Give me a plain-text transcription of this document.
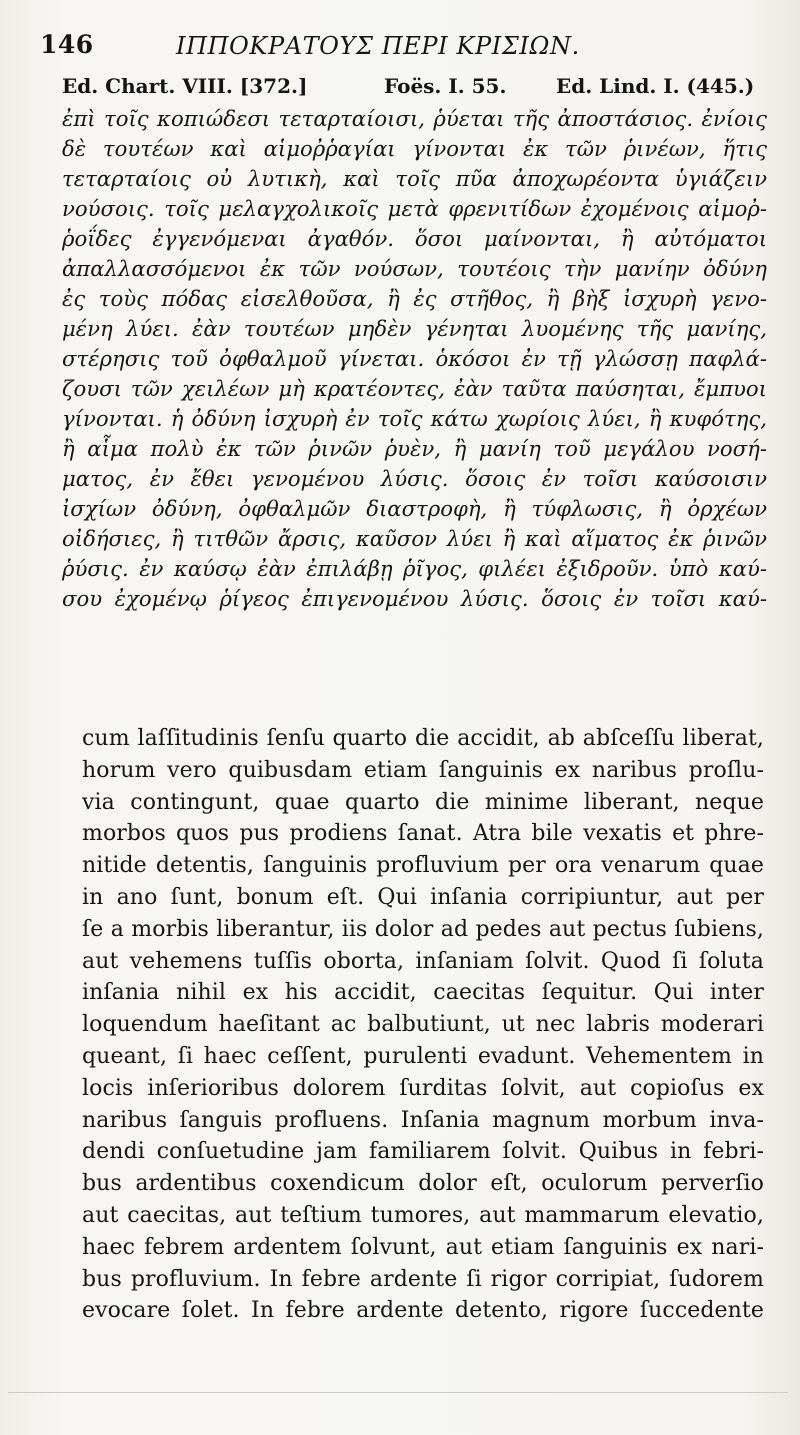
146	ΙΠΠΟΚΡΑΤΟΥΣ ΠΕΡΙ ΚΡΙΣΙΩΝ.
Ed. Chart. VIII. [372.]	Foës. I. 55. Ed. Lind. I. (445.)
ἐπὶ τοῖς κοπιώδεσι τεταρταίοισι, ῥύεται τῆς ἀποστάσιος. ἐνίοις
δὲ τουτέων καὶ αἱμοῤῥαγίαι γίνονται ἐκ τῶν ῥινέων, ἥτις
τεταρταίοις οὐ λυτικὴ, καὶ τοῖς πῦα ἀποχωρέοντα ὑγιάζειν
νούσοις. τοῖς μελαγχολικοῖς μετὰ φρενιτίδων ἐχομένοις αἱμοῤ-
ῥοΐδες ἐγγενόμεναι ἀγαθόν. ὅσοι μαίνονται, ἢ αὐτόματοι
ἀπαλλασσόμενοι ἐκ τῶν νούσων, τουτέοις τὴν μανίην ὀδύνη
ἐς τοὺς πόδας εἰσελθοῦσα, ἢ ἐς στῆθος, ἢ βὴξ ἰσχυρὴ γενο-
μένη λύει. ἐὰν τουτέων μηδὲν γένηται λυομένης τῆς μανίης,
στέρησις τοῦ ὀφθαλμοῦ γίνεται. ὁκόσοι ἐν τῇ γλώσσῃ παφλά-
ζουσι τῶν χειλέων μὴ κρατέοντες, ἐὰν ταῦτα παύσηται, ἔμπυοι
γίνονται. ἡ ὀδύνη ἰσχυρὴ ἐν τοῖς κάτω χωρίοις λύει, ἢ κυφότης,
ἢ αἷμα πολὺ ἐκ τῶν ῥινῶν ῥυὲν, ἢ μανίη τοῦ μεγάλου νοσή-
ματος, ἐν ἔθει γενομένου λύσις. ὅσοις ἐν τοῖσι καύσοισιν
ἰσχίων ὀδύνη, ὀφθαλμῶν διαστροφὴ, ἢ τύφλωσις, ἢ ὀρχέων
οἰδήσιες, ἢ τιτθῶν ἄρσις, καῦσον λύει ἢ καὶ αἵματος ἐκ ῥινῶν
ῥύσις. ἐν καύσῳ ἐὰν ἐπιλάβῃ ῥῖγος, φιλέει ἐξιδροῦν. ὑπὸ καύ-
σου ἐχομένῳ ῥίγεος ἐπιγενομένου λύσις. ὅσοις ἐν τοῖσι καύ-
cum laſſitudinis ſenſu quarto die accidit, ab abſceſſu liberat,
horum vero quibusdam etiam ſanguinis ex naribus proſlu-
via contingunt, quae quarto die minime liberant, neque
morbos quos pus prodiens ſanat. Atra bile vexatis et phre-
nitide detentis, ſanguinis profluvium per ora venarum quae
in ano ſunt, bonum eſt. Qui inſania corripiuntur, aut per
ſe a morbis liberantur, iis dolor ad pedes aut pectus ſubiens,
aut vehemens tuſſis oborta, inſaniam ſolvit. Quod ſi ſoluta
inſania nihil ex his accidit, caecitas ſequitur. Qui inter
loquendum haeſitant ac balbutiunt, ut nec labris moderari
queant, ſi haec ceſſent, purulenti evadunt. Vehementem in
locis inſerioribus dolorem ſurditas ſolvit, aut copioſus ex
naribus ſanguis profluens. Inſania magnum morbum inva-
dendi conſuetudine jam familiarem ſolvit. Quibus in febri-
bus ardentibus coxendicum dolor eſt, oculorum perverſio
aut caecitas, aut teſtium tumores, aut mammarum elevatio,
haec febrem ardentem ſolvunt, aut etiam ſanguinis ex nari-
bus profluvium. In febre ardente ſi rigor corripiat, ſudorem
evocare ſolet. In febre ardente detento, rigore ſuccedente
